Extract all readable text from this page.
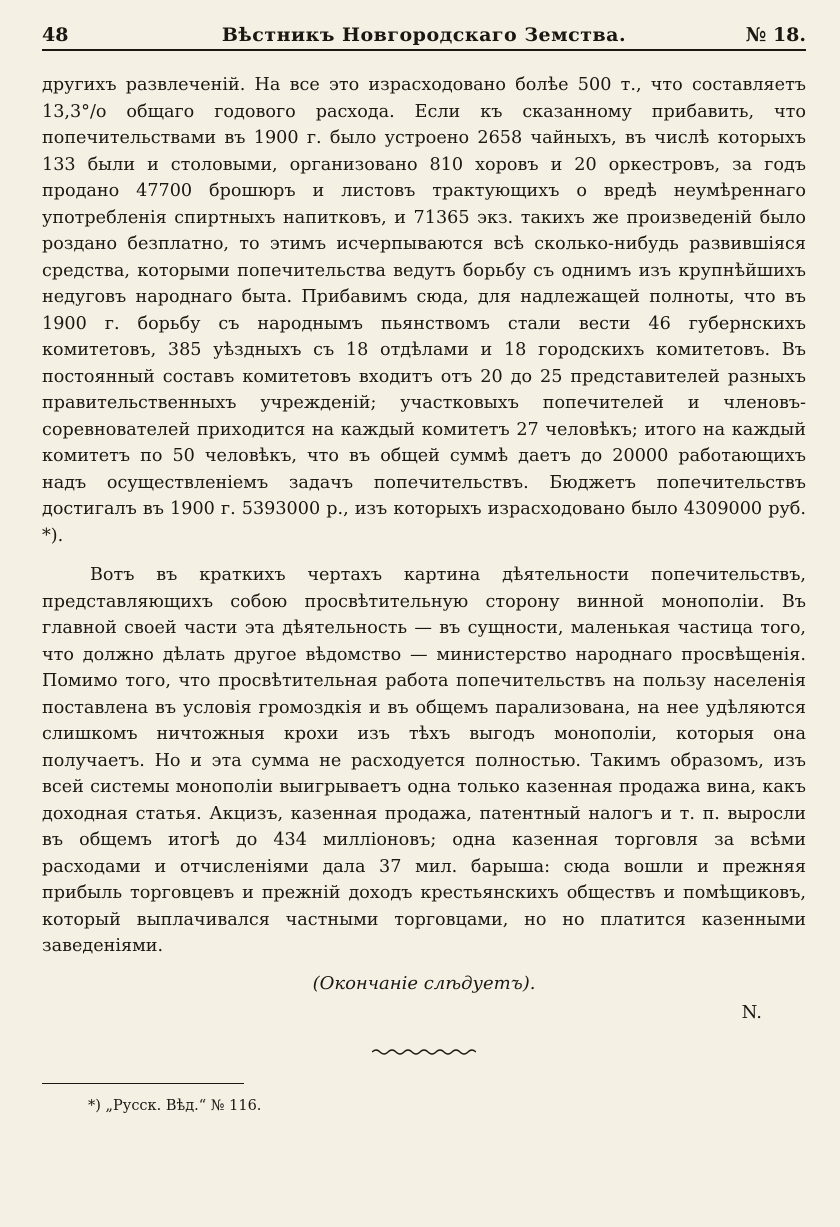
48	Вѣстникъ Новгородскаго Земства.	№ 18.

другихъ развлеченій. На все это израсходовано болѣе 500 т., что составляетъ 13,3°/о общагo годового расхода. Если къ сказанному прибавить, что попечительствами въ 1900 г. было устроено 2658 чайныхъ, въ числѣ которыхъ 133 были и столовыми, организовано 810 хоровъ и 20 оркестровъ, за годъ продано 47700 брошюръ и листовъ трактующихъ о вредѣ неумѣреннаго употребленія спиртныхъ напитковъ, и 71365 экз. такихъ же произведеній было роздано безплатно, то этимъ исчерпываются всѣ сколько-нибудь развившіяся средства, которыми попечительства ведутъ борьбу съ однимъ изъ крупнѣйшихъ недуговъ народнаго быта. Прибавимъ сюда, для надлежащей полноты, что въ 1900 г. борьбу съ народнымъ пьянствомъ стали вести 46 губернскихъ комитетовъ, 385 уѣздныхъ съ 18 отдѣлами и 18 городскихъ комитетовъ. Въ постоянный составъ комитетовъ входитъ отъ 20 до 25 представителей разныхъ правительственныхъ учрежденій; участковыхъ попечителей и членовъ-соревнователей приходится на каждый комитетъ 27 человѣкъ; итого на каждый комитетъ по 50 человѣкъ, что въ общей суммѣ даетъ до 20000 работающихъ надъ осуществленіемъ задачъ попечительствъ. Бюджетъ попечительствъ достигалъ въ 1900 г. 5393000 р., изъ которыхъ израсходовано было 4309000 руб. *).

Вотъ въ краткихъ чертахъ картина дѣятельности попечительствъ, представляющихъ собою просвѣтительную сторону винной монополіи. Въ главной своей части эта дѣятельность — въ сущности, маленькая частица того, что должно дѣлать другое вѣдомство — министерство народнаго просвѣщенія. Помимо того, что просвѣтительная работа попечительствъ на пользу населенія поставлена въ условія громоздкія и въ общемъ парализована, на нее удѣляются слишкомъ ничтожныя крохи изъ тѣхъ выгодъ монополіи, которыя она получаетъ. Но и эта сумма не расходуется полностью. Такимъ образомъ, изъ всей системы монополіи выигрываетъ одна только казенная продажа вина, какъ доходная статья. Акцизъ, казенная продажа, патентный налогъ и т. п. выросли въ общемъ итогѣ до 434 милліоновъ; одна казенная торговля за всѣми расходами и отчисленіями дала 37 мил. барыша: сюда вошли и прежняя прибыль торговцевъ и прежній доходъ крестьянскихъ обществъ и помѣщиковъ, который выплачивался частными торговцами, но но платится казенными заведеніями.

(Окончаніе слѣдуетъ).
N.
*) „Русск. Вѣд.“ № 116.
